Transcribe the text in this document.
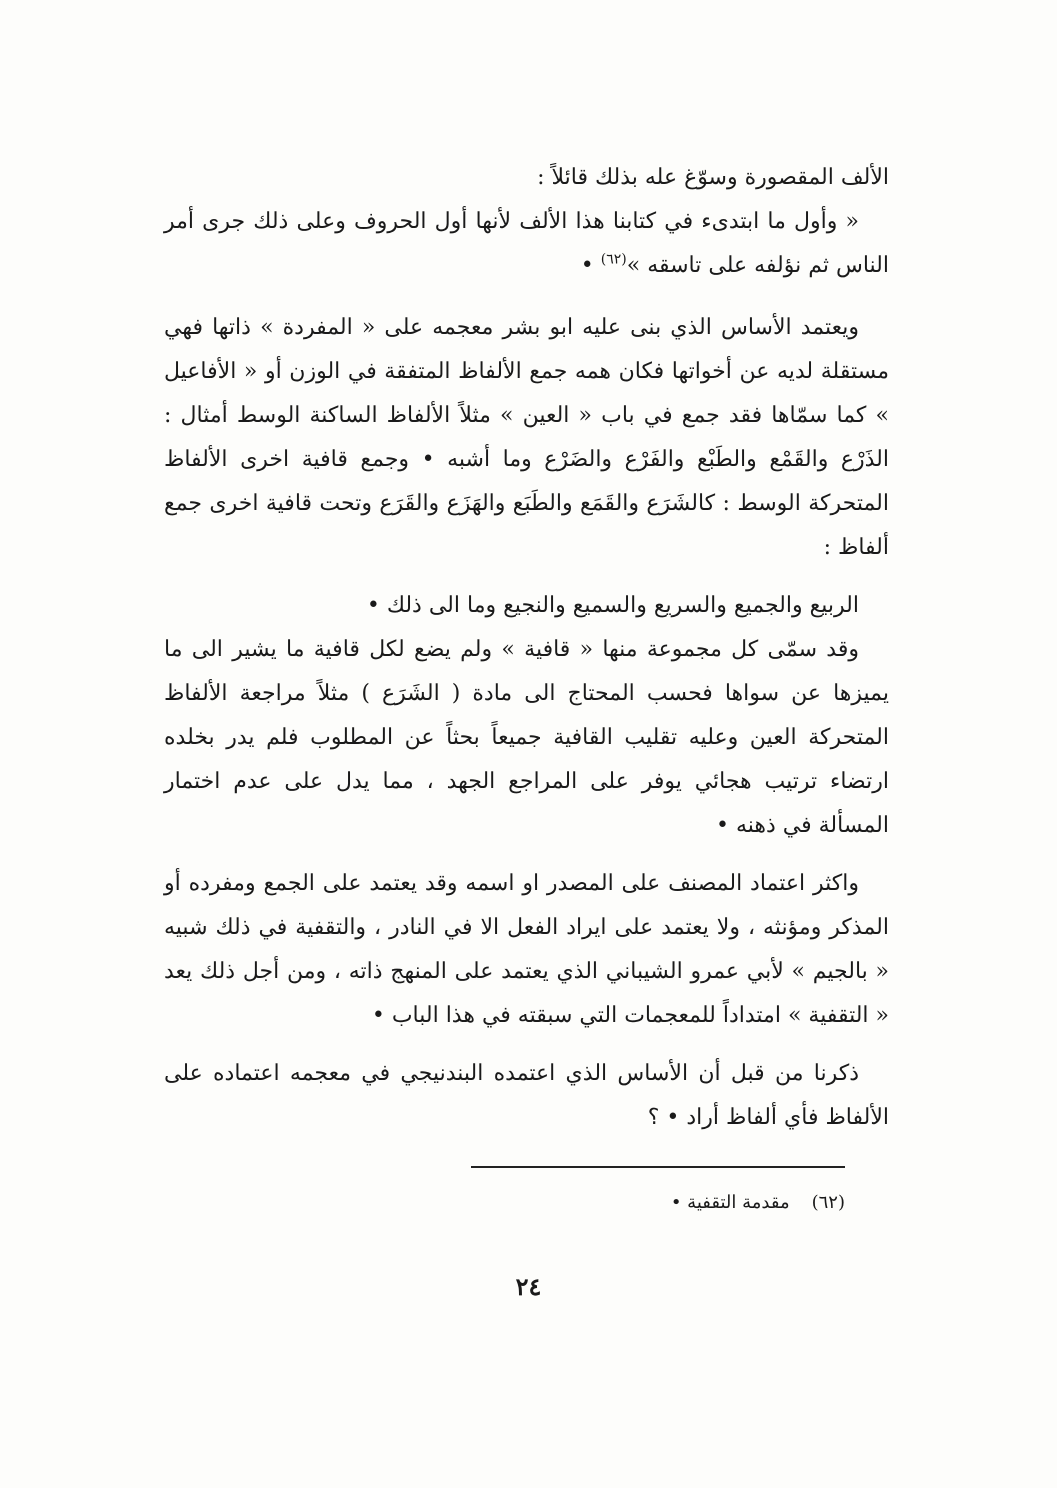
الألف المقصورة وسوّغ عله بذلك قائلاً :

« وأول ما ابتدىء في كتابنا هذا الألف لأنها أول الحروف وعلى ذلك جرى أمر الناس ثم نؤلفه على تاسقه »$^{(٦٢)}$ •

ويعتمد الأساس الذي بنى عليه ابو بشر معجمه على « المفردة » ذاتها فهي مستقلة لديه عن أخواتها فكان همه جمع الألفاظ المتفقة في الوزن أو « الأفاعيل » كما سمّاها فقد جمع في باب « العين » مثلاً الألفاظ الساكنة الوسط أمثال : الذَرْع والقَمْع والطَبْع والفَرْع والضَرْع وما أشبه • وجمع قافية اخرى الألفاظ المتحركة الوسط : كالشَرَع والقَمَع والطَبَع والهَزَع والقَرَع وتحت قافية اخرى جمع ألفاظ :

الربيع والجميع والسريع والسميع والنجيع وما الى ذلك •

وقد سمّى كل مجموعة منها « قافية » ولم يضع لكل قافية ما يشير الى ما يميزها عن سواها فحسب المحتاج الى مادة ( الشَرَع ) مثلاً مراجعة الألفاظ المتحركة العين وعليه تقليب القافية جميعاً بحثاً عن المطلوب فلم يدر بخلده ارتضاء ترتيب هجائي يوفر على المراجع الجهد ، مما يدل على عدم اختمار المسألة في ذهنه •

واكثر اعتماد المصنف على المصدر او اسمه وقد يعتمد على الجمع ومفرده أو المذكر ومؤنثه ، ولا يعتمد على ايراد الفعل الا في النادر ، والتقفية في ذلك شبيه « بالجيم » لأبي عمرو الشيباني الذي يعتمد على المنهج ذاته ، ومن أجل ذلك يعد « التقفية » امتداداً للمعجمات التي سبقته في هذا الباب •

ذكرنا من قبل أن الأساس الذي اعتمده البندنيجي في معجمه اعتماده على الألفاظ فأي ألفاظ أراد • ؟

(٦٢)مقدمة التقفية •
٢٤
